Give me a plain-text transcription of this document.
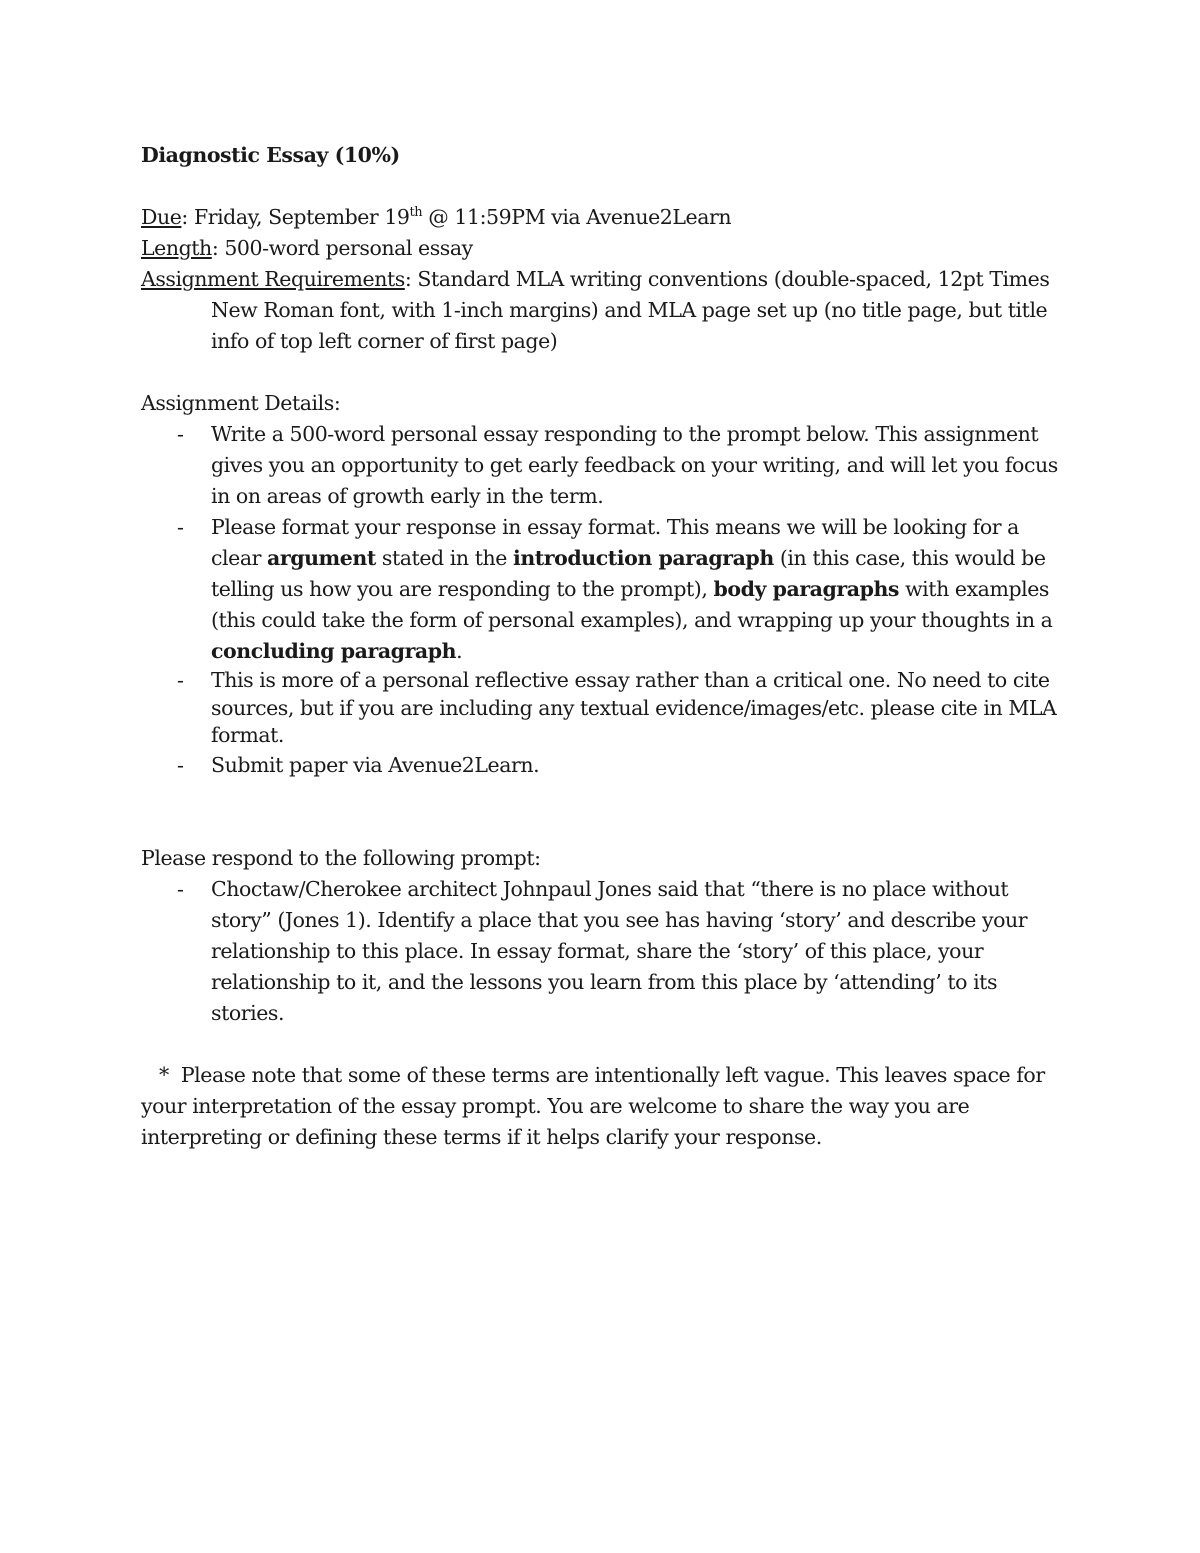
Diagnostic Essay (10%)

Due: Friday, September 19th @ 11:59PM via Avenue2Learn

Length: 500-word personal essay

Assignment Requirements: Standard MLA writing conventions (double-spaced, 12pt Times New Roman font, with 1-inch margins) and MLA page set up (no title page, but title info of top left corner of first page)

Assignment Details:

- Write a 500-word personal essay responding to the prompt below. This assignment gives you an opportunity to get early feedback on your writing, and will let you focus in on areas of growth early in the term.
- Please format your response in essay format. This means we will be looking for a clear argument stated in the introduction paragraph (in this case, this would be telling us how you are responding to the prompt), body paragraphs with examples (this could take the form of personal examples), and wrapping up your thoughts in a concluding paragraph.
- This is more of a personal reflective essay rather than a critical one. No need to cite sources, but if you are including any textual evidence/images/etc. please cite in MLA format.
- Submit paper via Avenue2Learn.

Please respond to the following prompt:

- Choctaw/Cherokee architect Johnpaul Jones said that “there is no place without story” (Jones 1). Identify a place that you see has having ‘story’ and describe your relationship to this place. In essay format, share the ‘story’ of this place, your relationship to it, and the lessons you learn from this place by ‘attending’ to its stories.

* Please note that some of these terms are intentionally left vague. This leaves space for your interpretation of the essay prompt. You are welcome to share the way you are interpreting or defining these terms if it helps clarify your response.
